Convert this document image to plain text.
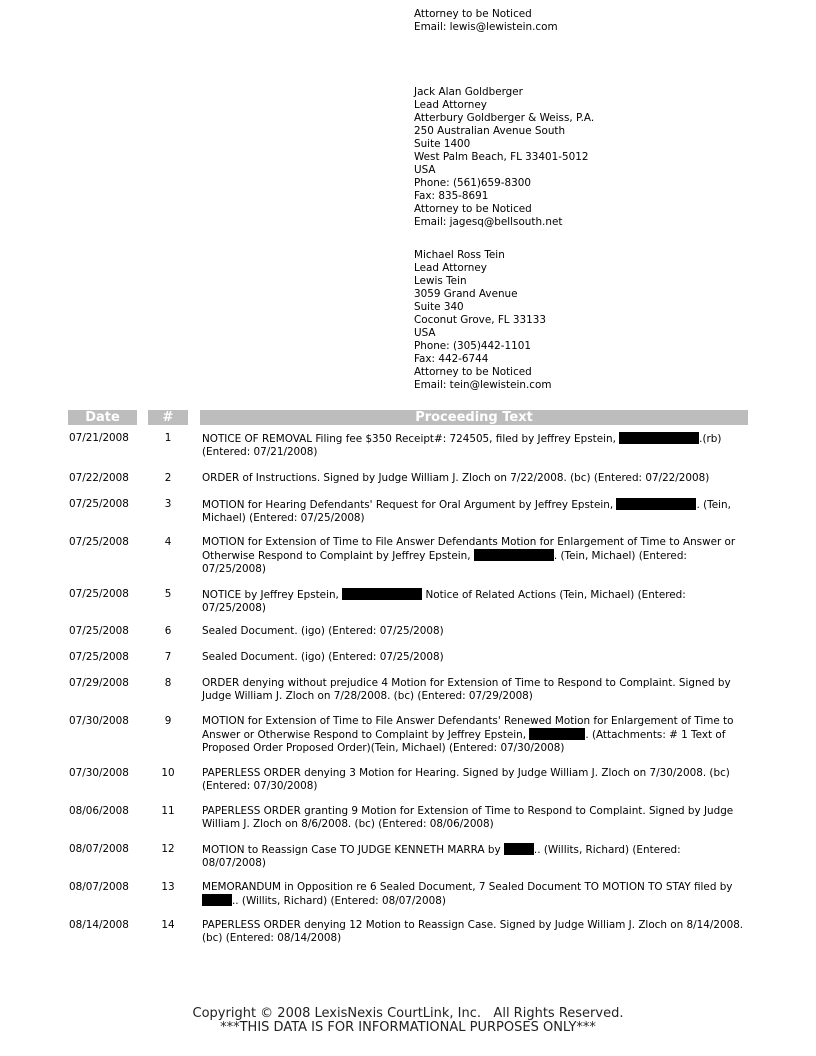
Attorney to be Noticed
Email: lewis@lewistein.com
Jack Alan Goldberger
Lead Attorney
Atterbury Goldberger & Weiss, P.A.
250 Australian Avenue South
Suite 1400
West Palm Beach, FL 33401-5012
USA
Phone: (561)659-8300
Fax: 835-8691
Attorney to be Noticed
Email: jagesq@bellsouth.net
Michael Ross Tein
Lead Attorney
Lewis Tein
3059 Grand Avenue
Suite 340
Coconut Grove, FL 33133
USA
Phone: (305)442-1101
Fax: 442-6744
Attorney to be Noticed
Email: tein@lewistein.com
Date	#	Proceeding Text
07/21/2008	1	NOTICE OF REMOVAL Filing fee $350 Receipt#: 724505, filed by Jeffrey Epstein,	.(rb) (Entered: 07/21/2008)
07/22/2008	2	ORDER of Instructions. Signed by Judge William J. Zloch on 7/22/2008. (bc) (Entered: 07/22/2008)
07/25/2008	3	MOTION for Hearing Defendants' Request for Oral Argument by Jeffrey Epstein,	. (Tein, Michael) (Entered: 07/25/2008)
07/25/2008	4	MOTION for Extension of Time to File Answer Defendants Motion for Enlargement of Time to Answer or Otherwise Respond to Complaint by Jeffrey Epstein,	. (Tein, Michael) (Entered: 07/25/2008)
07/25/2008	5	NOTICE by Jeffrey Epstein,	Notice of Related Actions (Tein, Michael) (Entered: 07/25/2008)
07/25/2008	6	Sealed Document. (igo) (Entered: 07/25/2008)
07/25/2008	7	Sealed Document. (igo) (Entered: 07/25/2008)
07/29/2008	8	ORDER denying without prejudice 4 Motion for Extension of Time to Respond to Complaint. Signed by Judge William J. Zloch on 7/28/2008. (bc) (Entered: 07/29/2008)
07/30/2008	9	MOTION for Extension of Time to File Answer Defendants' Renewed Motion for Enlargement of Time to Answer or Otherwise Respond to Complaint by Jeffrey Epstein,	. (Attachments: # 1 Text of Proposed Order Proposed Order)(Tein, Michael) (Entered: 07/30/2008)
07/30/2008	10	PAPERLESS ORDER denying 3 Motion for Hearing. Signed by Judge William J. Zloch on 7/30/2008. (bc) (Entered: 07/30/2008)
08/06/2008	11	PAPERLESS ORDER granting 9 Motion for Extension of Time to Respond to Complaint. Signed by Judge William J. Zloch on 8/6/2008. (bc) (Entered: 08/06/2008)
08/07/2008	12	MOTION to Reassign Case TO JUDGE KENNETH MARRA by	.. (Willits, Richard) (Entered: 08/07/2008)
08/07/2008	13	MEMORANDUM in Opposition re 6 Sealed Document, 7 Sealed Document TO MOTION TO STAY filed by .. (Willits, Richard) (Entered: 08/07/2008)
08/14/2008	14	PAPERLESS ORDER denying 12 Motion to Reassign Case. Signed by Judge William J. Zloch on 8/14/2008. (bc) (Entered: 08/14/2008)
Copyright © 2008 LexisNexis CourtLink, Inc.   All Rights Reserved.
***THIS DATA IS FOR INFORMATIONAL PURPOSES ONLY***
